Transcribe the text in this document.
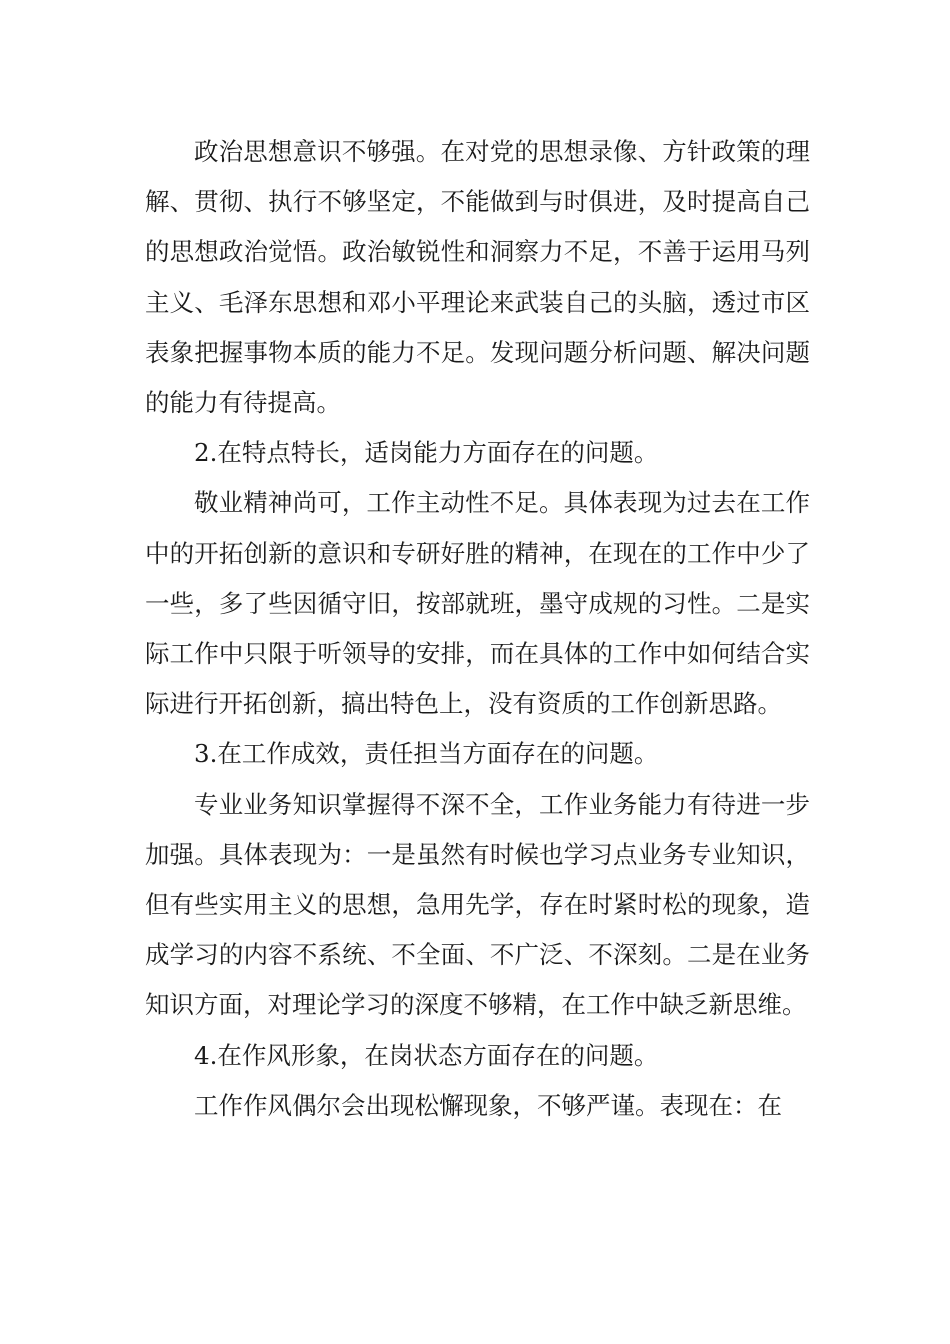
政治思想意识不够强。在对党的思想录像、方针政策的理解、贯彻、执行不够坚定，不能做到与时俱进，及时提高自己的思想政治觉悟。政治敏锐性和洞察力不足，不善于运用马列主义、毛泽东思想和邓小平理论来武装自己的头脑，透过市区表象把握事物本质的能力不足。发现问题分析问题、解决问题的能力有待提高。

2.在特点特长，适岗能力方面存在的问题。

敬业精神尚可，工作主动性不足。具体表现为过去在工作中的开拓创新的意识和专研好胜的精神，在现在的工作中少了一些，多了些因循守旧，按部就班，墨守成规的习性。二是实际工作中只限于听领导的安排，而在具体的工作中如何结合实际进行开拓创新，搞出特色上，没有资质的工作创新思路。

3.在工作成效，责任担当方面存在的问题。

专业业务知识掌握得不深不全，工作业务能力有待进一步加强。具体表现为：一是虽然有时候也学习点业务专业知识，但有些实用主义的思想，急用先学，存在时紧时松的现象，造成学习的内容不系统、不全面、不广泛、不深刻。二是在业务知识方面，对理论学习的深度不够精，在工作中缺乏新思维。

4.在作风形象，在岗状态方面存在的问题。

工作作风偶尔会出现松懈现象，不够严谨。表现在：在
